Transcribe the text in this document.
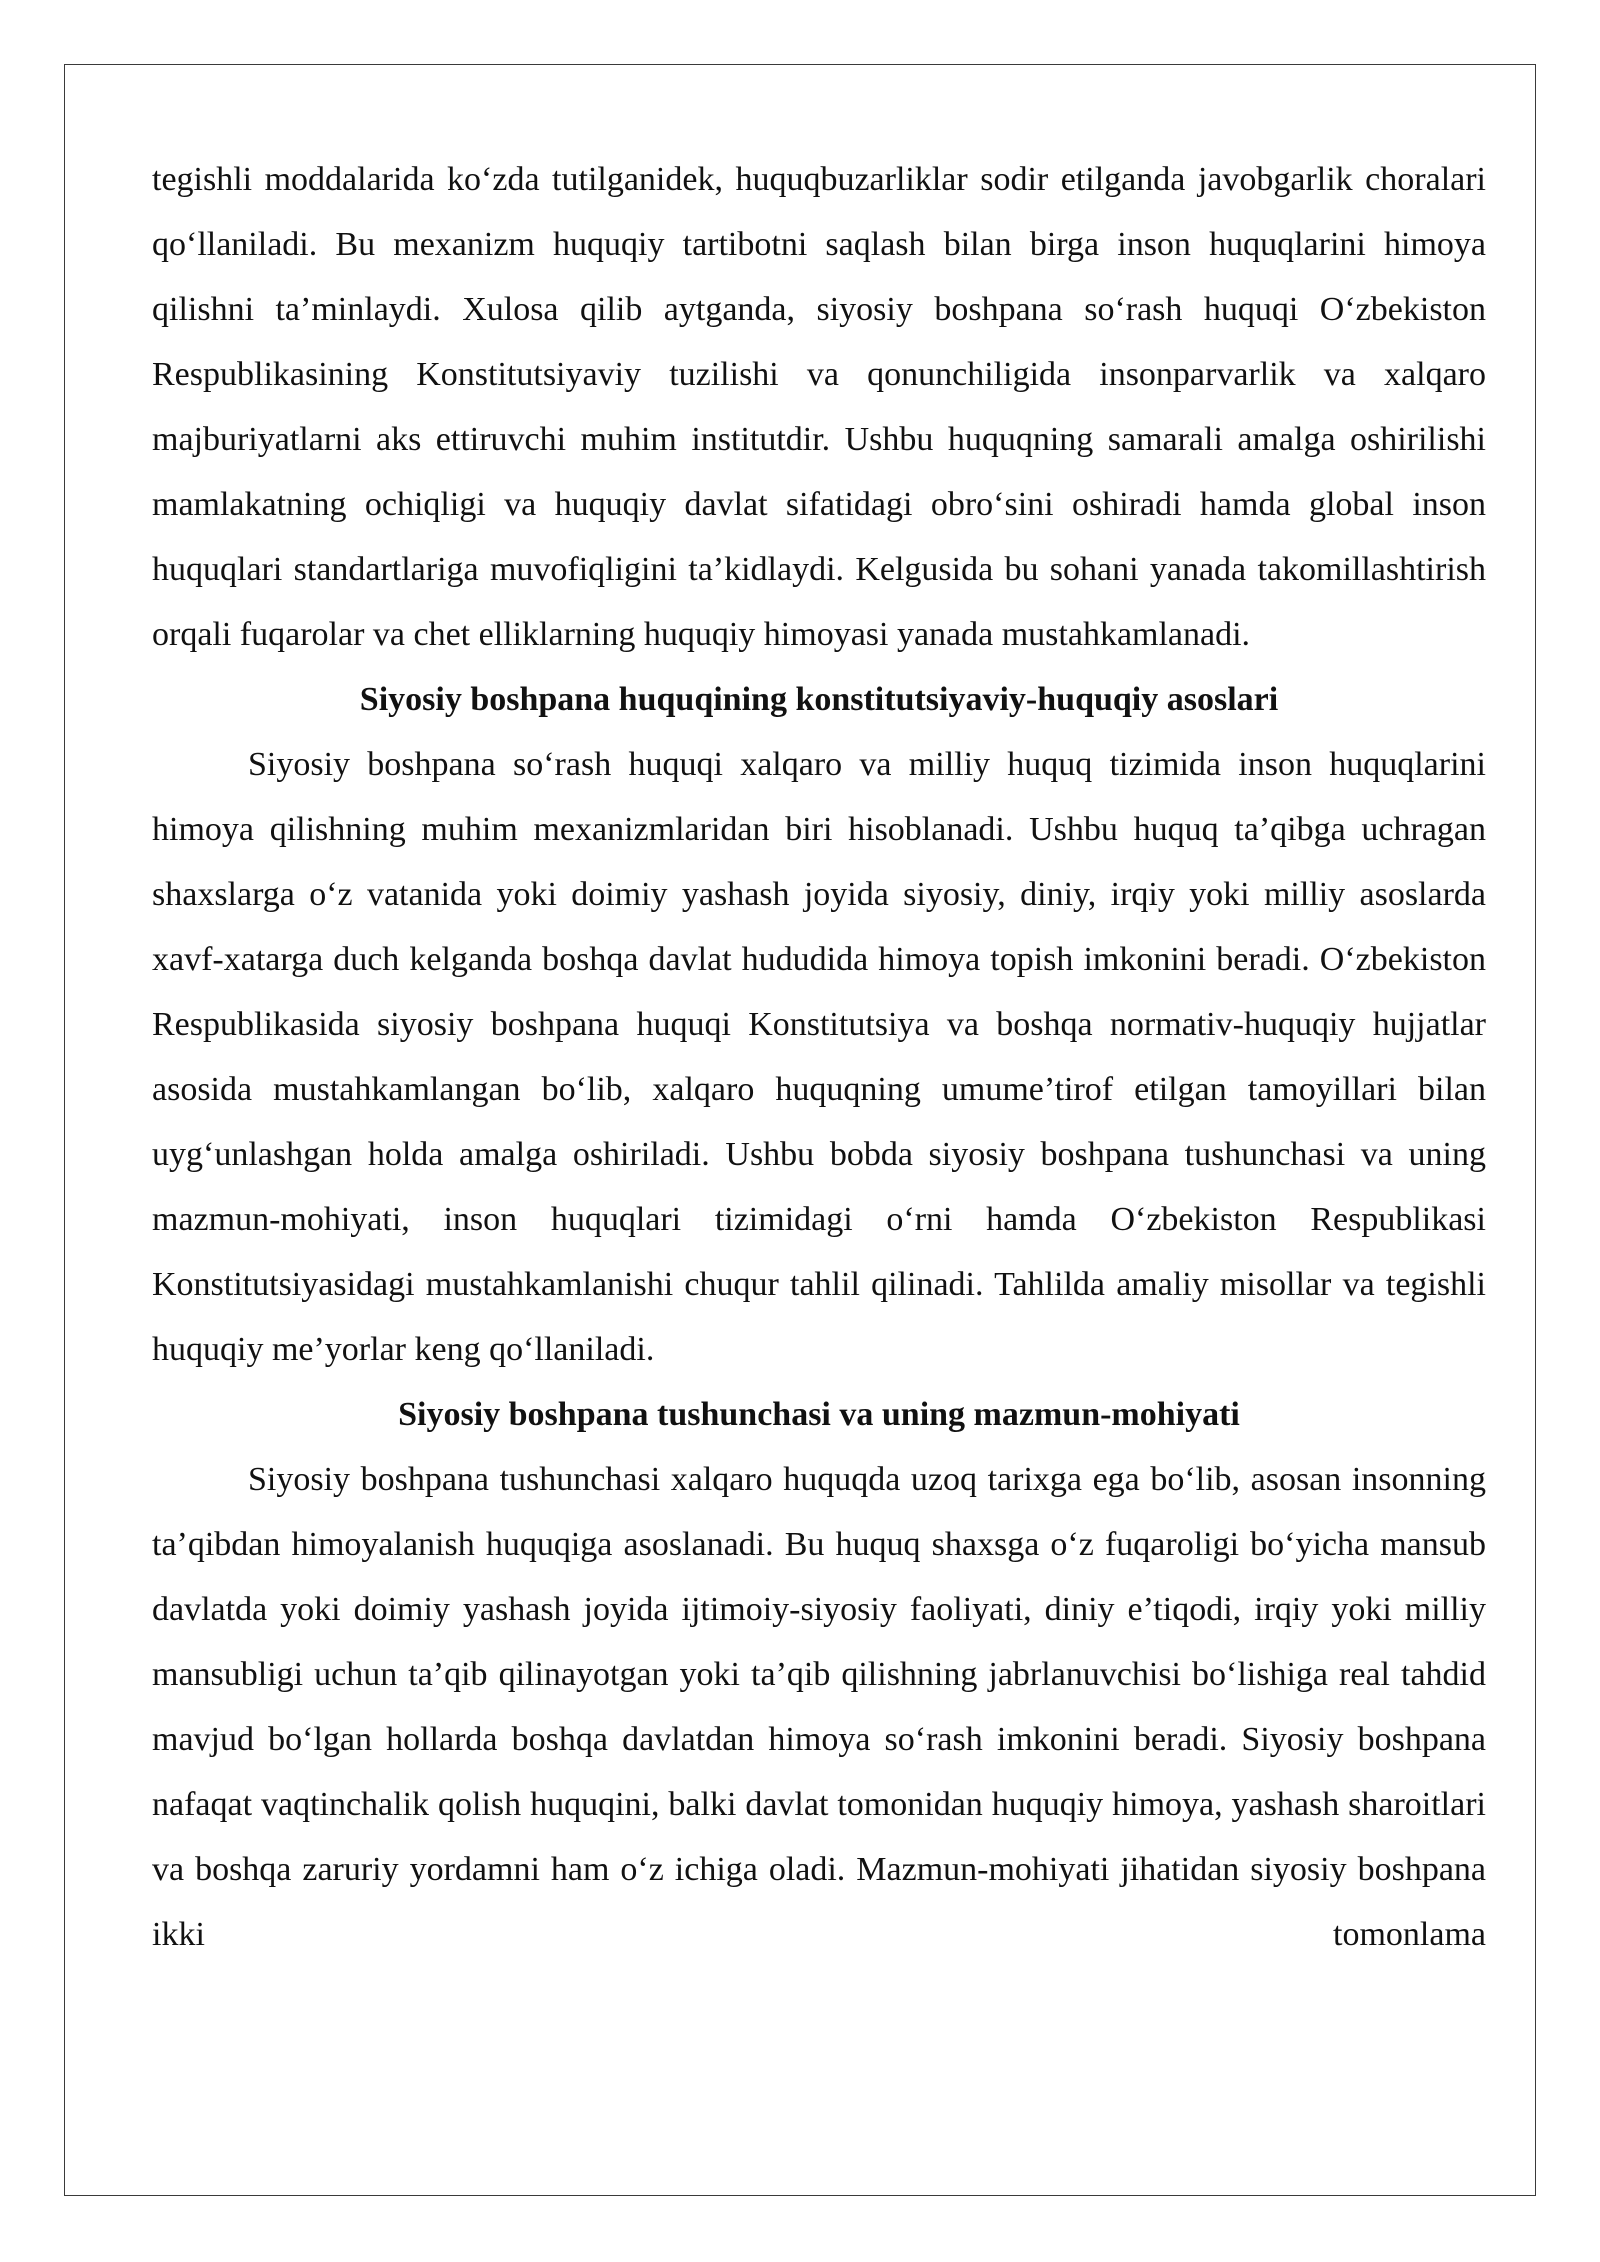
tegishli moddalarida ko‘zda tutilganidek, huquqbuzarliklar sodir etilganda javobgarlik choralari qo‘llaniladi. Bu mexanizm huquqiy tartibotni saqlash bilan birga inson huquqlarini himoya qilishni ta’minlaydi. Xulosa qilib aytganda, siyosiy boshpana so‘rash huquqi O‘zbekiston Respublikasining Konstitutsiyaviy tuzilishi va qonunchiligida insonparvarlik va xalqaro majburiyatlarni aks ettiruvchi muhim institutdir. Ushbu huquqning samarali amalga oshirilishi mamlakatning ochiqligi va huquqiy davlat sifatidagi obro‘sini oshiradi hamda global inson huquqlari standartlariga muvofiqligini ta’kidlaydi. Kelgusida bu sohani yanada takomillashtirish orqali fuqarolar va chet elliklarning huquqiy himoyasi yanada mustahkamlanadi.

Siyosiy boshpana huquqining konstitutsiyaviy-huquqiy asoslari

Siyosiy boshpana so‘rash huquqi xalqaro va milliy huquq tizimida inson huquqlarini himoya qilishning muhim mexanizmlaridan biri hisoblanadi. Ushbu huquq ta’qibga uchragan shaxslarga o‘z vatanida yoki doimiy yashash joyida siyosiy, diniy, irqiy yoki milliy asoslarda xavf-xatarga duch kelganda boshqa davlat hududida himoya topish imkonini beradi. O‘zbekiston Respublikasida siyosiy boshpana huquqi Konstitutsiya va boshqa normativ-huquqiy hujjatlar asosida mustahkamlangan bo‘lib, xalqaro huquqning umume’tirof etilgan tamoyillari bilan uyg‘unlashgan holda amalga oshiriladi. Ushbu bobda siyosiy boshpana tushunchasi va uning mazmun-mohiyati, inson huquqlari tizimidagi o‘rni hamda O‘zbekiston Respublikasi Konstitutsiyasidagi mustahkamlanishi chuqur tahlil qilinadi. Tahlilda amaliy misollar va tegishli huquqiy me’yorlar keng qo‘llaniladi.

Siyosiy boshpana tushunchasi va uning mazmun-mohiyati

Siyosiy boshpana tushunchasi xalqaro huquqda uzoq tarixga ega bo‘lib, asosan insonning ta’qibdan himoyalanish huquqiga asoslanadi. Bu huquq shaxsga o‘z fuqaroligi bo‘yicha mansub davlatda yoki doimiy yashash joyida ijtimoiy-siyosiy faoliyati, diniy e’tiqodi, irqiy yoki milliy mansubligi uchun ta’qib qilinayotgan yoki ta’qib qilishning jabrlanuvchisi bo‘lishiga real tahdid mavjud bo‘lgan hollarda boshqa davlatdan himoya so‘rash imkonini beradi. Siyosiy boshpana nafaqat vaqtinchalik qolish huquqini, balki davlat tomonidan huquqiy himoya, yashash sharoitlari va boshqa zaruriy yordamni ham o‘z ichiga oladi. Mazmun-mohiyati jihatidan siyosiy boshpana ikki tomonlama
